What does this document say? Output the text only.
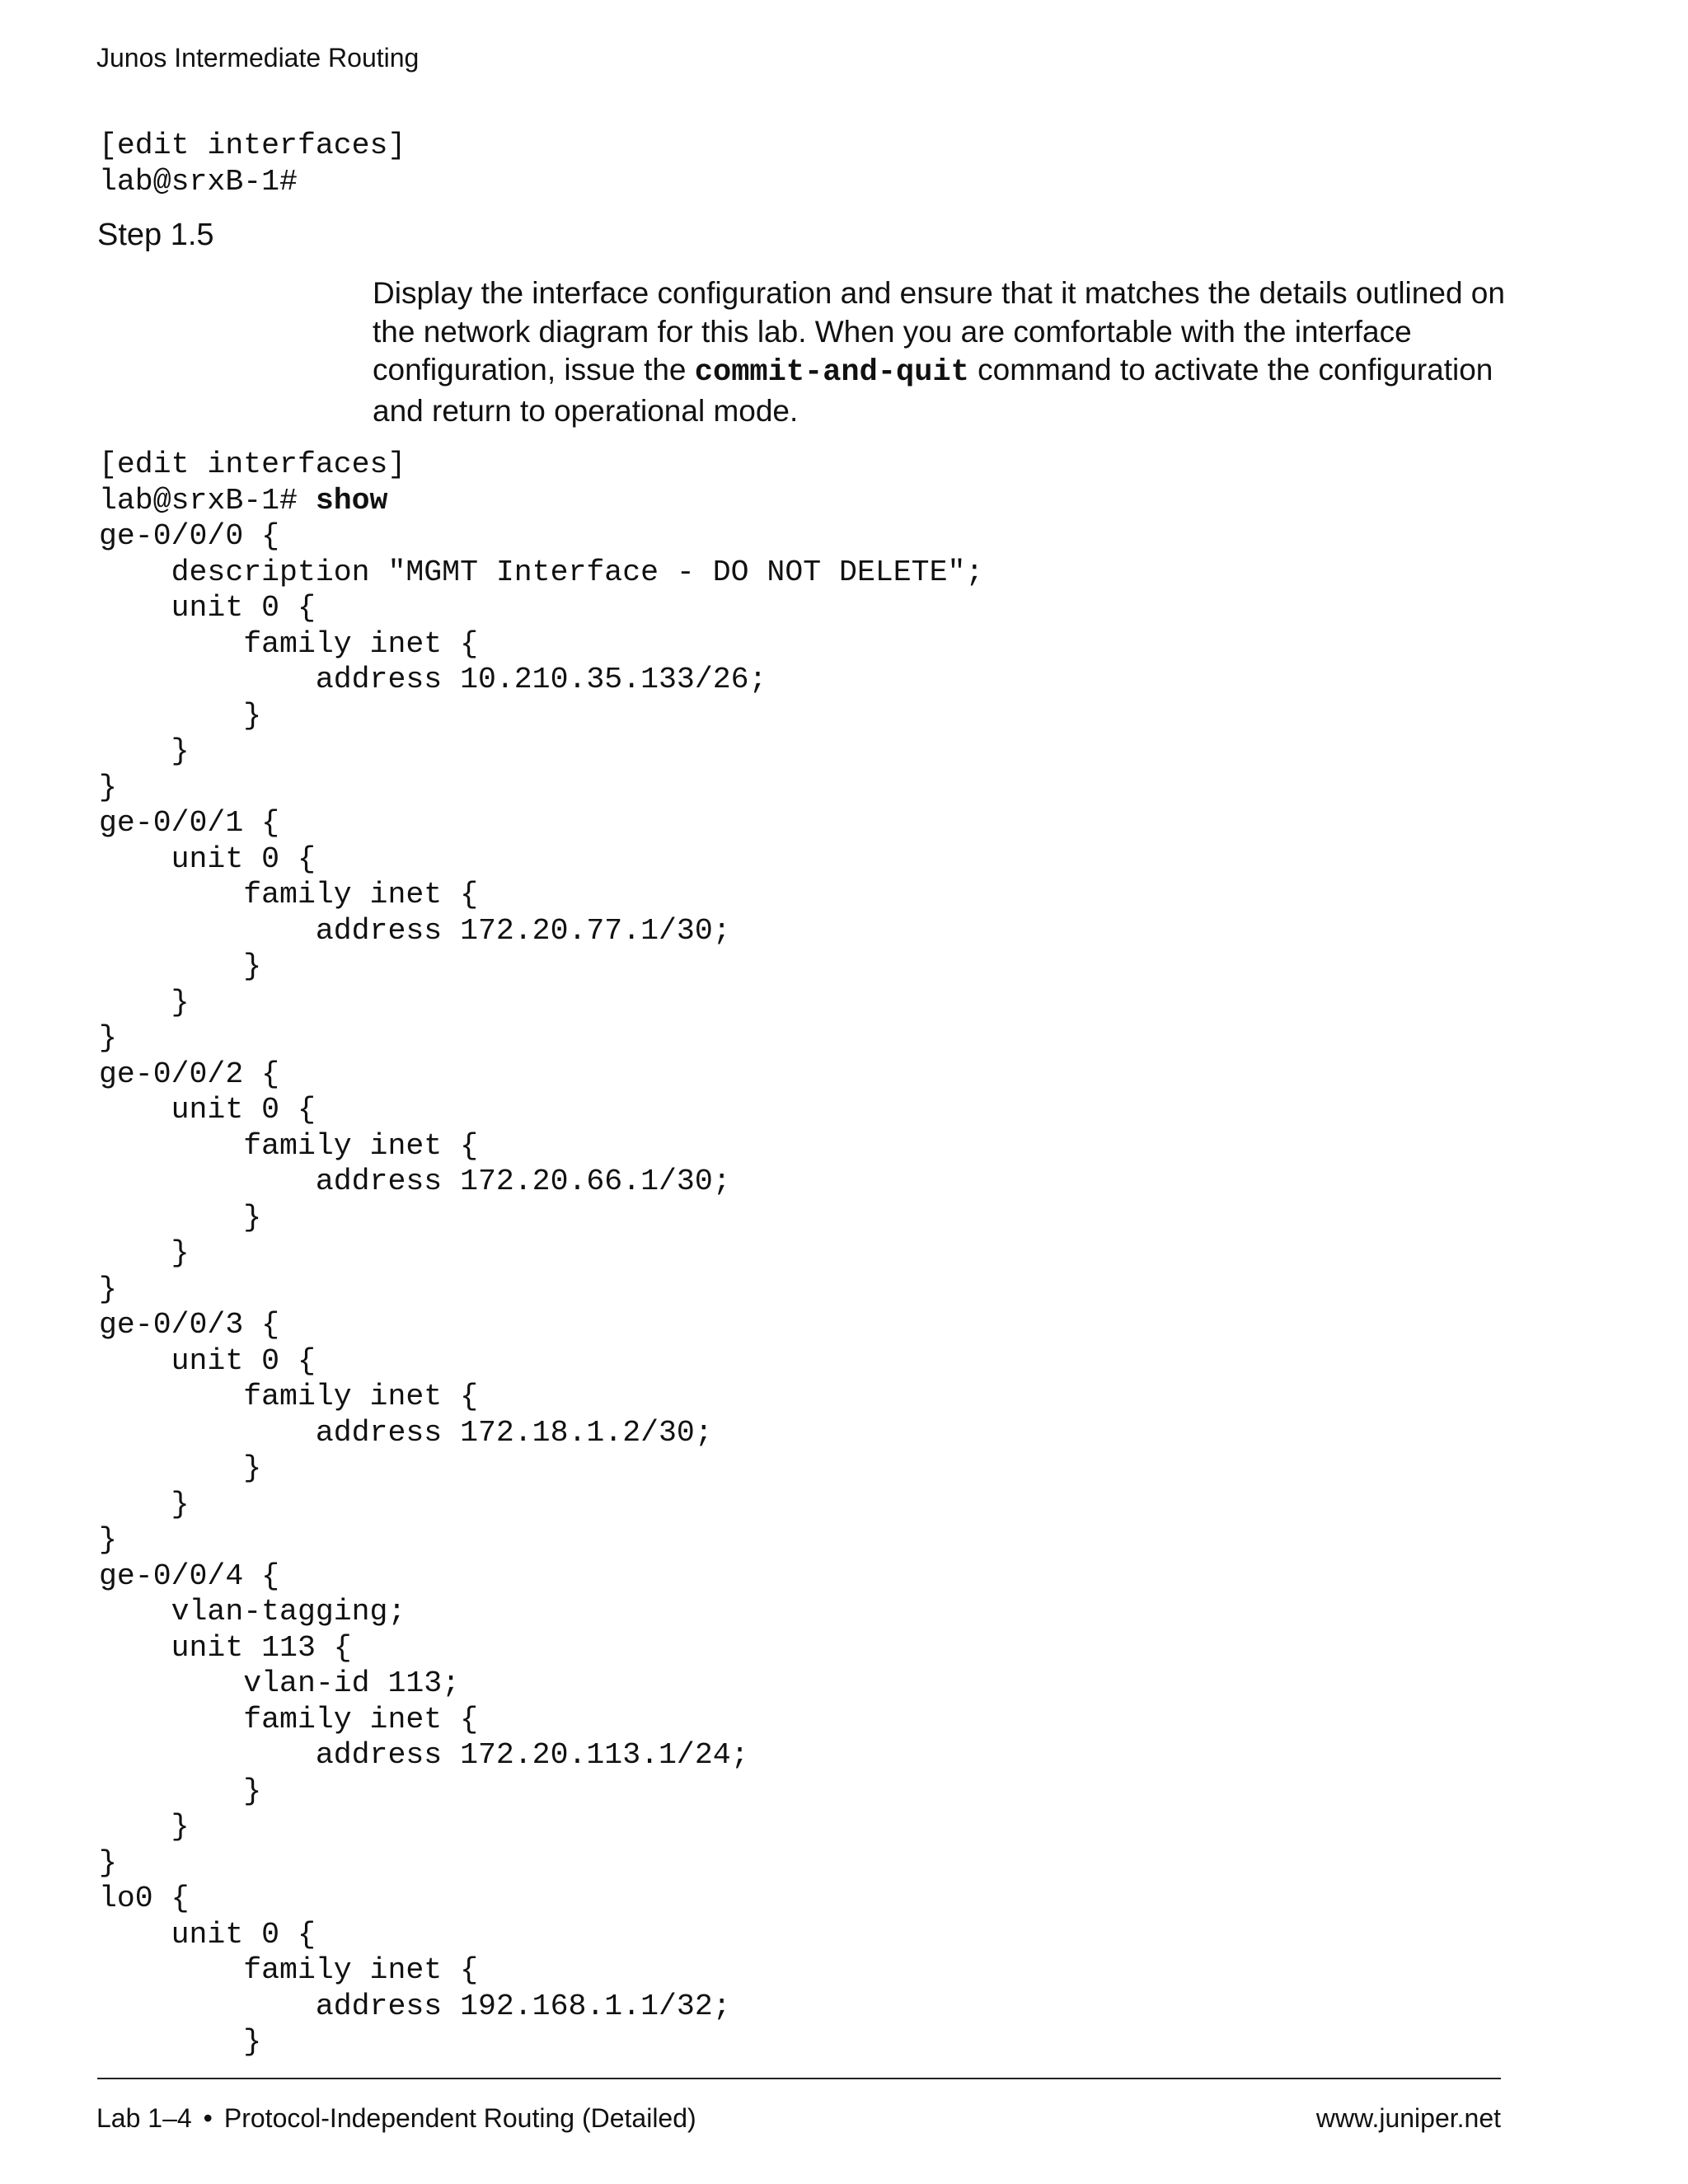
Junos Intermediate Routing
[edit interfaces]
lab@srxB-1#
Step 1.5
Display the interface configuration and ensure that it matches the details outlined on the network diagram for this lab. When you are comfortable with the interface configuration, issue the commit-and-quit command to activate the configuration and return to operational mode.
[edit interfaces]
lab@srxB-1# show
ge-0/0/0 {
description "MGMT Interface - DO NOT DELETE";
unit 0 {
family inet {
address 10.210.35.133/26;
}
}
}
ge-0/0/1 {
unit 0 {
family inet {
address 172.20.77.1/30;
}
}
}
ge-0/0/2 {
unit 0 {
family inet {
address 172.20.66.1/30;
}
}
}
ge-0/0/3 {
unit 0 {
family inet {
address 172.18.1.2/30;
}
}
}
ge-0/0/4 {
vlan-tagging;
unit 113 {
vlan-id 113;
family inet {
address 172.20.113.1/24;
}
}
}
lo0 {
unit 0 {
family inet {
address 192.168.1.1/32;
}
Lab 1–4 • Protocol-Independent Routing (Detailed)	www.juniper.net
